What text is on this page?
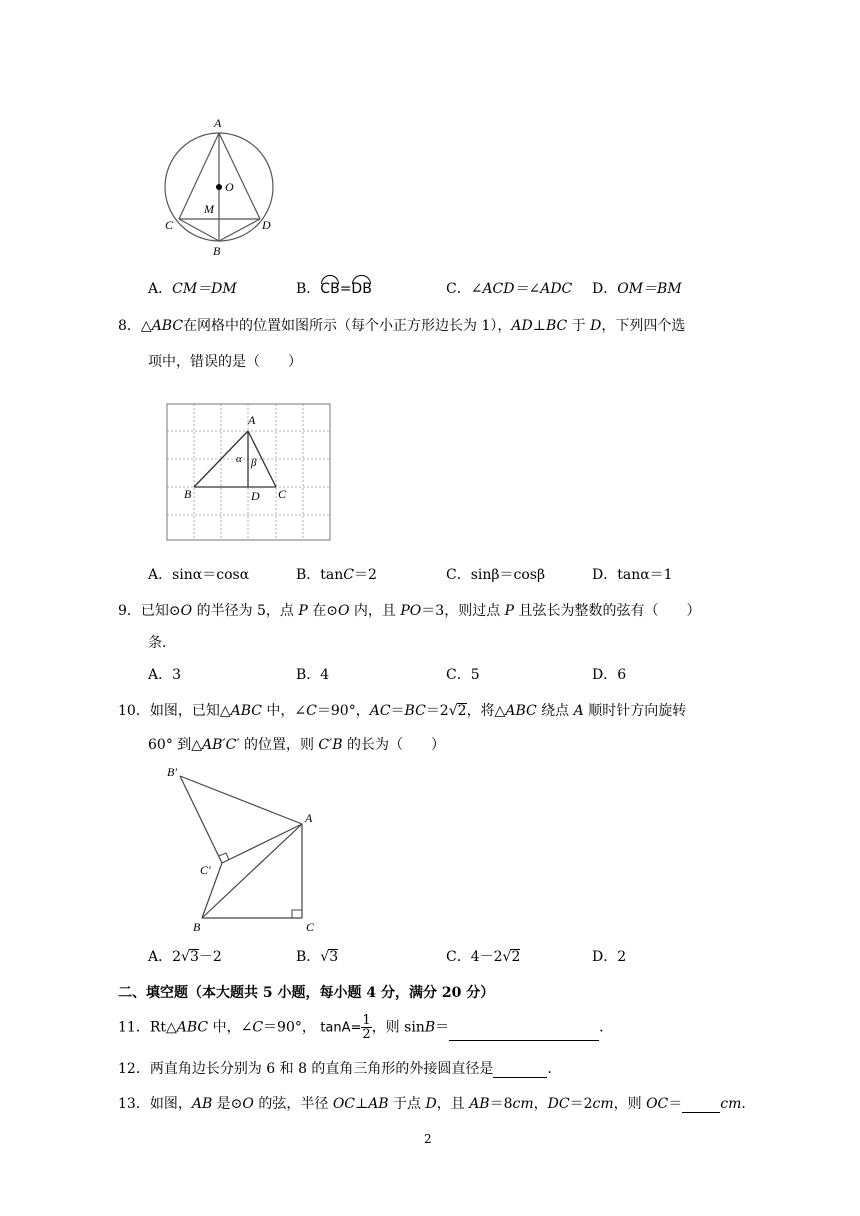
A
O
M
C	D
B
A．CM＝DM	B．CB=DB	C．∠ACD＝∠ADC D．OM＝BM
8．△ABC在网格中的位置如图所示（每个小正方形边长为 1），AD⊥BC 于 D，下列四个选
项中，错误的是（　　）
A
B	D C
α β
A．sinα＝cosα	B．tanC＝2	C．sinβ＝cosβ	D．tanα＝1
9．已知⊙O 的半径为 5，点 P 在⊙O 内，且 PO＝3，则过点 P 且弦长为整数的弦有（　　）
条．
A．3	B．4	C．5	D．6
10．如图，已知△ABC 中，∠C＝90°，AC＝BC＝2√2，将△ABC 绕点 A 顺时针方向旋转
60° 到△AB′C′ 的位置，则 C′B 的长为（　　）
B′
A
C′
B	C
A．2√3－2	B．√3	C．4－2√2	D．2
二、填空题（本大题共 5 小题，每小题 4 分，满分 20 分）
11．Rt△ABC 中，∠C＝90°， $\tan A= \frac{1}{2}$ ，则 sinB＝	．
12．两直角边长分别为 6 和 8 的直角三角形的外接圆直径是	．
13．如图，AB 是⊙O 的弦，半径 OC⊥AB 于点 D，且 AB＝8cm，DC＝2cm，则 OC＝	cm．
2
